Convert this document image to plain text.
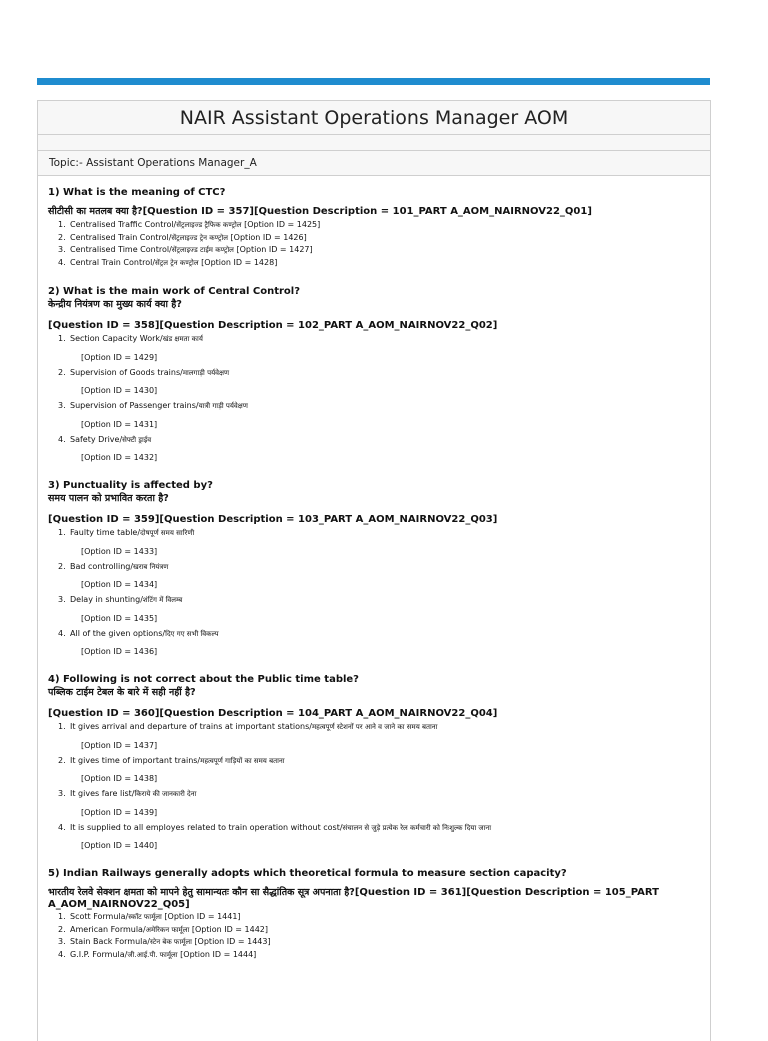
NAIR Assistant Operations Manager AOM
Topic:- Assistant Operations Manager_A
1) What is the meaning of CTC?
सीटीसी का मतलब क्या है?[Question ID = 357][Question Description = 101_PART A_AOM_NAIRNOV22_Q01]
1. Centralised Traffic Control/सेंट्रलाइज्ड ट्रैफिक कण्ट्रोल [Option ID = 1425]
2. Centralised Train Control/सेंट्रलाइज्ड ट्रेन कण्ट्रोल [Option ID = 1426]
3. Centralised Time Control/सेंट्रलाइज्ड टाईम कण्ट्रोल [Option ID = 1427]
4. Central Train Control/सेंट्रल ट्रेन कण्ट्रोल [Option ID = 1428]
2) What is the main work of Central Control?
केन्द्रीय नियंत्रण का मुख्य कार्य क्या है?
[Question ID = 358][Question Description = 102_PART A_AOM_NAIRNOV22_Q02]
1. Section Capacity Work/खंड क्षमता कार्य
[Option ID = 1429]
2. Supervision of Goods trains/मालगाड़ी पर्यवेक्षण
[Option ID = 1430]
3. Supervision of Passenger trains/यात्री गाड़ी पर्यवेक्षण
[Option ID = 1431]
4. Safety Drive/सेफ्टी ड्राईव
[Option ID = 1432]
3) Punctuality is affected by?
समय पालन को प्रभावित करता है?
[Question ID = 359][Question Description = 103_PART A_AOM_NAIRNOV22_Q03]
1. Faulty time table/दोषपूर्ण समय सारिणी
[Option ID = 1433]
2. Bad controlling/खराब नियंत्रण
[Option ID = 1434]
3. Delay in shunting/शंटिंग में विलम्ब
[Option ID = 1435]
4. All of the given options/दिए गए सभी विकल्प
[Option ID = 1436]
4) Following is not correct about the Public time table?
पब्लिक टाईम टेबल के बारे में सही नहीं है?
[Question ID = 360][Question Description = 104_PART A_AOM_NAIRNOV22_Q04]
1. It gives arrival and departure of trains at important stations/महत्वपूर्ण स्टेशनों पर आने व जाने का समय बताना
[Option ID = 1437]
2. It gives time of important trains/महत्वपूर्ण गाड़ियों का समय बताना
[Option ID = 1438]
3. It gives fare list/किराये की जानकारी देना
[Option ID = 1439]
4. It is supplied to all employes related to train operation without cost/संचालन से जुड़े प्रत्येक रेल कर्मचारी को निःशुल्क दिया जाना
[Option ID = 1440]
5) Indian Railways generally adopts which theoretical formula to measure section capacity?
भारतीय रेलवे सेक्शन क्षमता को मापने हेतु सामान्यतः कौन सा सैद्धांतिक सूत्र अपनाता है?[Question ID = 361][Question Description = 105_PART
A_AOM_NAIRNOV22_Q05]
1. Scott Formula/स्कॉट फार्मूला [Option ID = 1441]
2. American Formula/अमेरिकन फार्मूला [Option ID = 1442]
3. Stain Back Formula/स्टेन बेक फार्मूला [Option ID = 1443]
4. G.I.P. Formula/जी.आई.पी. फार्मूला [Option ID = 1444]
